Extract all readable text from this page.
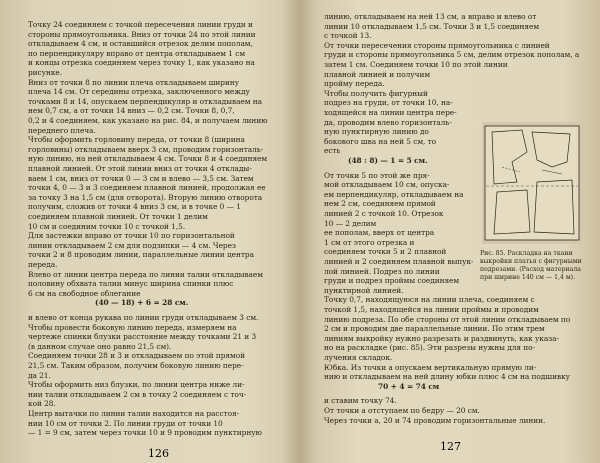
Точку 24 соединяем с точкой пересечения линии груди и
стороны прямоугольника. Вниз от точки 24 по этой линии
откладываем 4 см, и оставшийся отрезок делим пополам,
по перпендикуляру вправо от центра откладываем 1 см
и концы отрезка соединяем через точку 1, как указано на
рисунке.
Вниз от точки 8 по линии плеча откладываем ширину
плеча 14 см. От середины отрезка, заключенного между
точками 8 и 14, опускаем перпендикуляр и откладываем на
нем 0,7 см, а от точки 14 вниз — 0,2 см. Точки 8, 0,7,
0,2 и 4 соединяем, как указано на рис. 84, и получаем линию
переднего плеча.
Чтобы оформить горловину переда, от точки 8 (ширина
горловины) откладываем вверх 3 см, проводим горизонталь-
ную линию, на ней откладываем 4 см. Точки 8 и 4 соединяем
плавной линией. От этой линии вниз от точки 4 отклады-
ваем 1 см, вниз от точки 0 — 3 см и влево — 3,5 см. Затем
точки 4, 0 — 3 и 3 соединяем плавной линией, продолжая ее
за точку 3 на 1,5 см (для отворота). Вторую линию отворота
получим, сложив от точки 4 вниз 3 см, и в точке 0 — 1
соединяем плавной линией. От точки 1 делим
10 см и соединим точки 10 с точкой 1,5.
Для застежки вправо от точки 10 по горизонтальной
линии откладываем 2 см для подзипки — 4 см. Через
точки 2 и 8 проводим линии, параллельные линии центра
переда.
Влево от линии центра переда по линии талии откладываем
половину обхвата талии минус ширина спинки плюс
6 см на свободное облегание
(40 — 18) + 6 = 28 см.
и влево от конца рукава по линии груди откладываем 3 см.
Чтобы провести боковую линию переда, измеряем на
чертеже спинки блузки расстояние между точками 21 и 3
(в данном случае оно равно 21,5 см).
Соединяем точки 28 и 3 и откладываем по этой прямой
21,5 см. Таким образом, получим боковую линию пере-
да 21.
Чтобы оформить низ блузки, по линии центра ниже ли-
нии талии откладываем 2 см в точку 2 соединяем с точ-
кой 28.
Центр вытачки по линии талии находится на расстоя-
нии 10 см от точки 2. По линии груди от точки 10
— 1 = 9 см, затем через точки 10 и 9 проводим пунктирную
линию, откладываем на ней 13 см, а вправо и влево от
линии 10 откладываем 1,5 см. Точки 3 и 1,5 соединяем
с точкой 13.
От точки пересечения стороны прямоугольника с линией
груди и стороны прямоугольника 5 см, делим отрезок пополам, а
затем 1 см. Соединяем точки 10 по этой линии
плавной линией и получим
пройму переда.
Чтобы получить фигурный
подрез на груди, от точки 10, на-
ходящейся на линии центра пере-
да, проводим влево горизонталь-
ную пунктирную линию до
бокового шва на ней 5 см, то
есть
(48 : 8) — 1 = 5 см.
От точки 5 по этой же пря-
мой откладываем 10 см, опуска-
ем перпендикуляр, откладываем на
нем 2 см, соединяем прямой
линией 2 с точкой 10. Отрезок
10 — 2 делим
ее пополам, вверх от центра
1 см от этого отрезка и
соединяем точки 5 и 2 плавной
линией и 2 соединяем плавной выпук-
лой линией. Подрез по линии
груди и подрез проймы соединяем
пунктирной линией.
Точку 0,7, находящуюся на линии плеча, соединяем с
точкой 1,5, находящейся на линии проймы и проводим
линию подреза. По обе стороны от этой линии откладываем по
2 см и проводим две параллельные линии. По этим трем
линиям выкройку нужно разрезать и раздвинуть, как указа-
но на раскладке (рис. 85). Эти разрезы нужны для по-
лучения складок.
Юбка. Из точки а опускаем вертикальную прямую ли-
нию и откладываем на ней длину юбки плюс 4 см на подшивку
70 + 4 = 74 см
и ставим точку 74.
От точки а отступаем по бедру — 20 см.
Через точки а, 20 и 74 проводим горизонтальные линии.
Рис. 85. Раскладка на ткани выкройки платья с фигурными подрезами. (Расход материала при ширине 140 см — 1,4 м).
126
127
